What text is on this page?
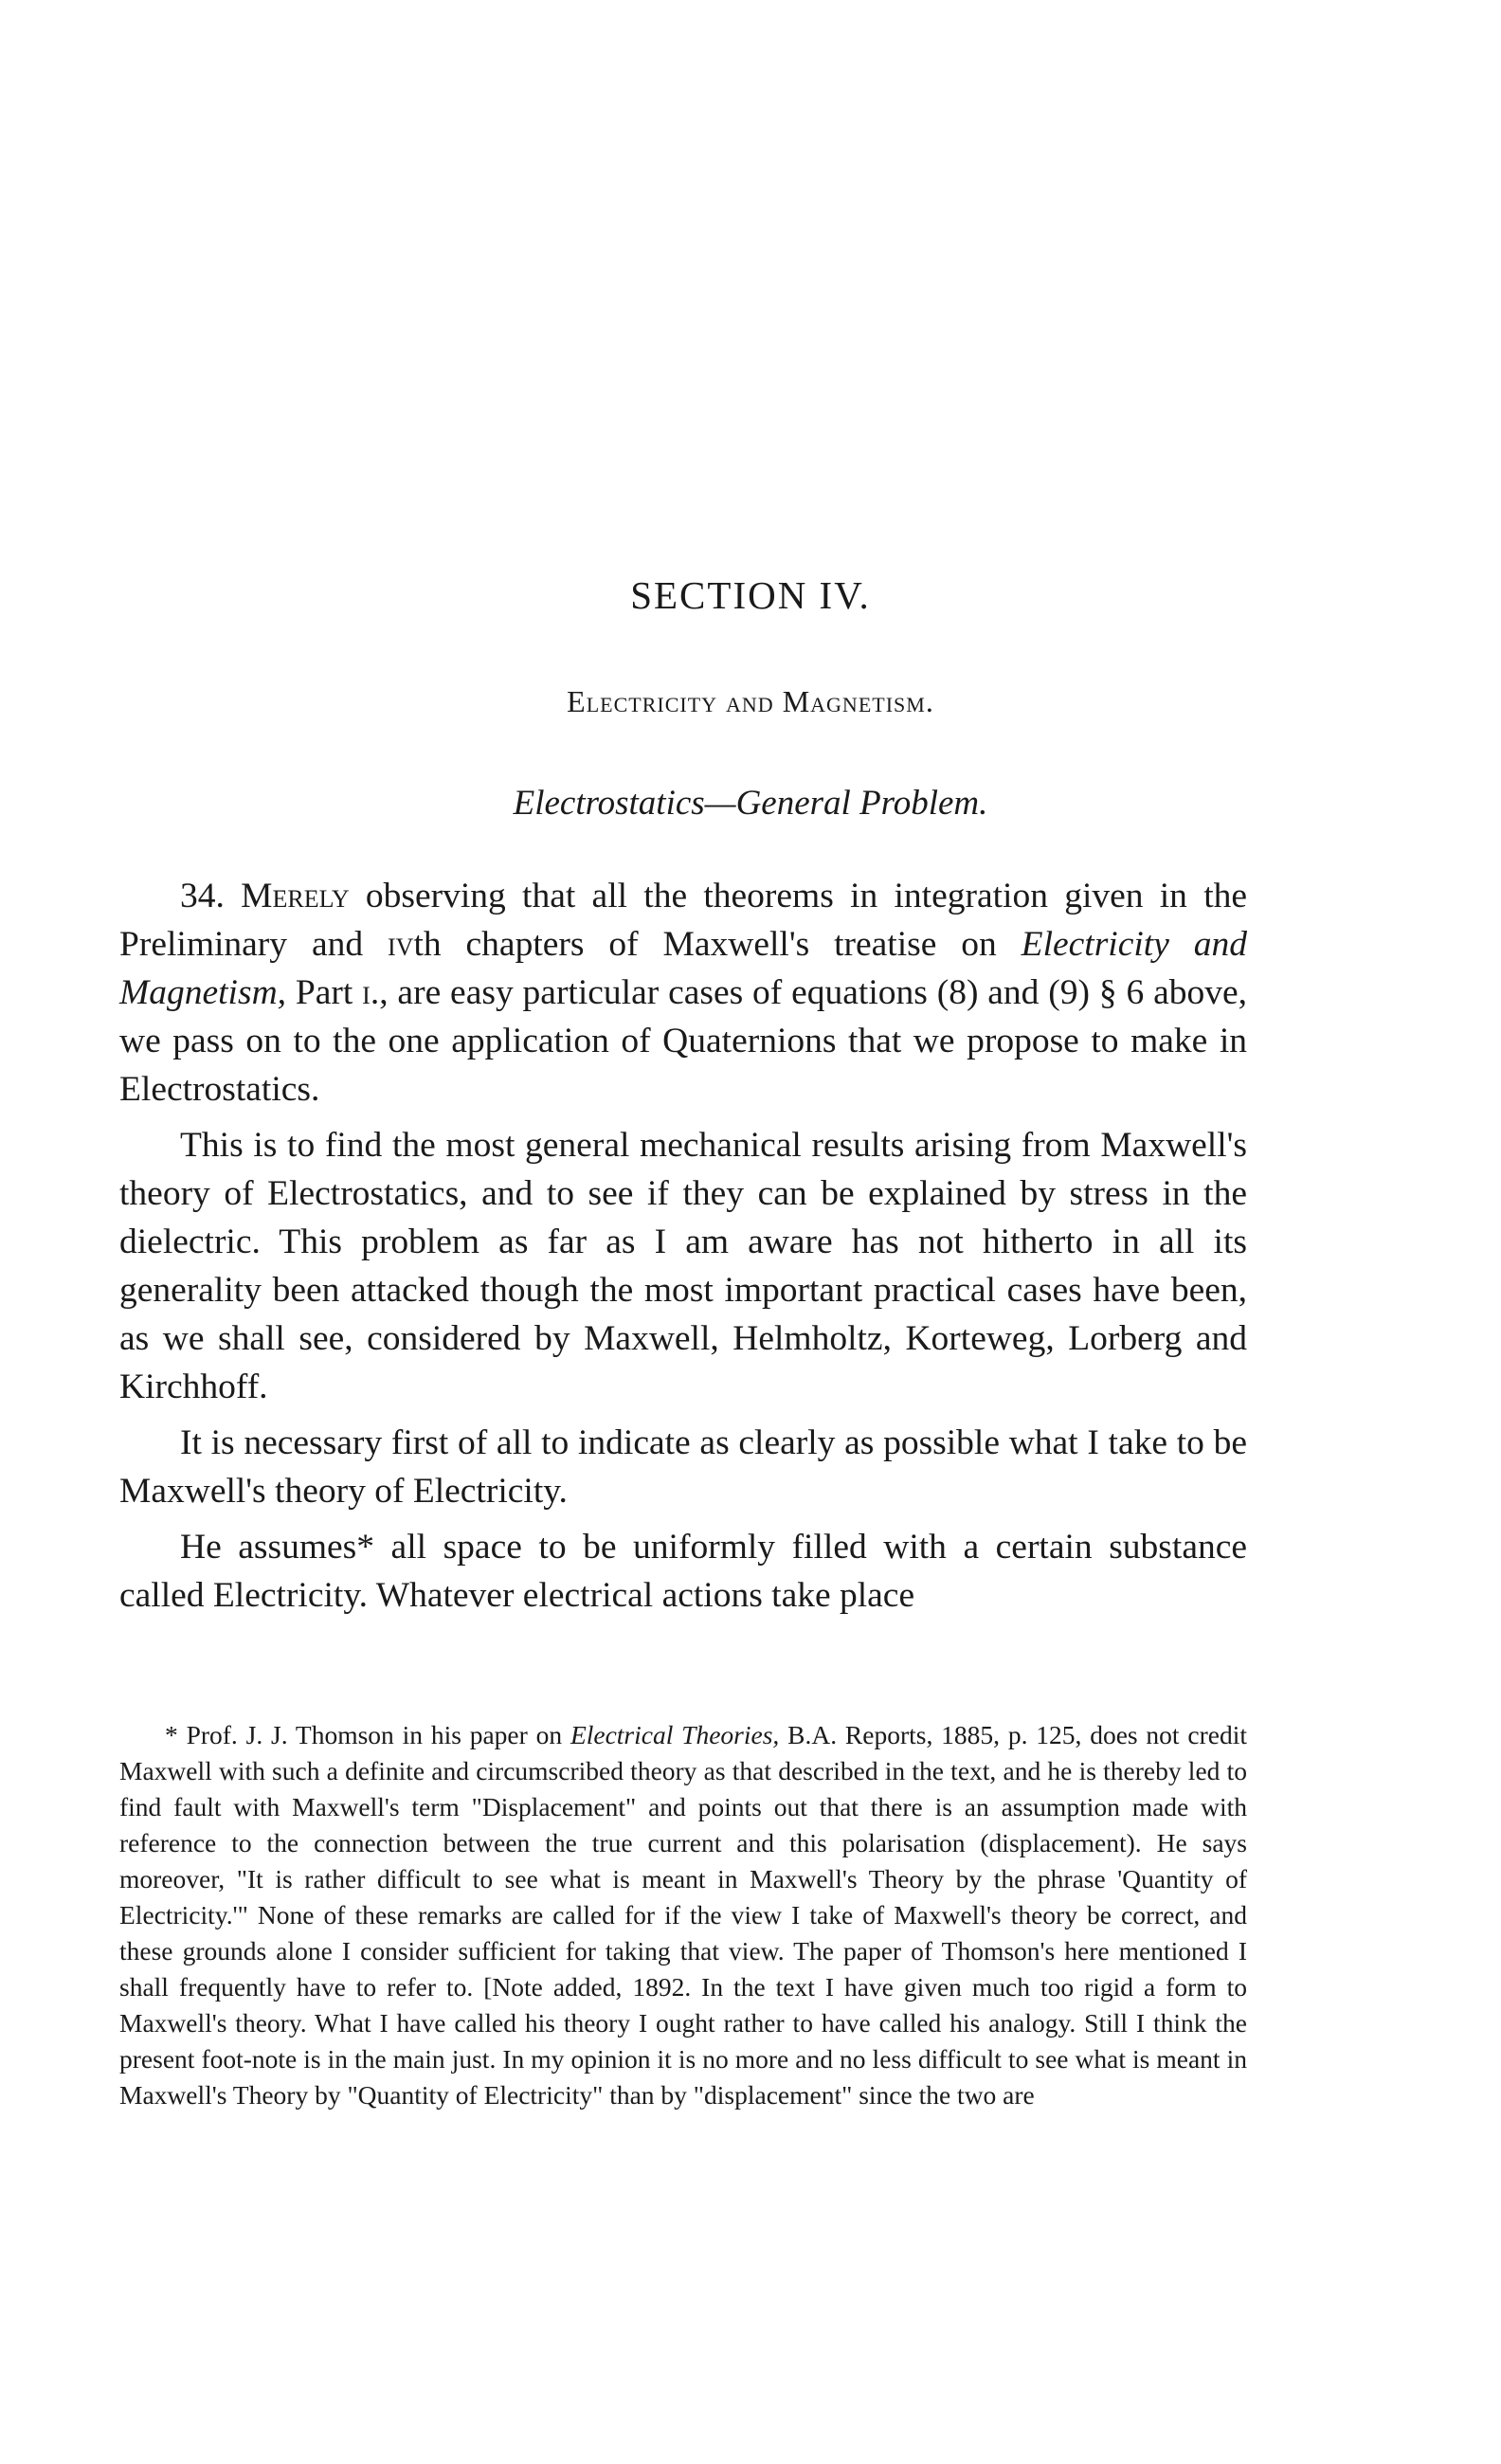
SECTION IV.
Electricity and Magnetism.
Electrostatics—General Problem.

34. Merely observing that all the theorems in integration given in the Preliminary and ivth chapters of Maxwell's treatise on Electricity and Magnetism, Part i., are easy particular cases of equations (8) and (9) § 6 above, we pass on to the one application of Quaternions that we propose to make in Electrostatics.

This is to find the most general mechanical results arising from Maxwell's theory of Electrostatics, and to see if they can be explained by stress in the dielectric. This problem as far as I am aware has not hitherto in all its generality been attacked though the most important practical cases have been, as we shall see, considered by Maxwell, Helmholtz, Korteweg, Lorberg and Kirchhoff.

It is necessary first of all to indicate as clearly as possible what I take to be Maxwell's theory of Electricity.

He assumes* all space to be uniformly filled with a certain substance called Electricity. Whatever electrical actions take place

* Prof. J. J. Thomson in his paper on Electrical Theories, B.A. Reports, 1885, p. 125, does not credit Maxwell with such a definite and circumscribed theory as that described in the text, and he is thereby led to find fault with Maxwell's term "Displacement" and points out that there is an assumption made with reference to the connection between the true current and this polarisation (displacement). He says moreover, "It is rather difficult to see what is meant in Maxwell's Theory by the phrase 'Quantity of Electricity.'" None of these remarks are called for if the view I take of Maxwell's theory be correct, and these grounds alone I consider sufficient for taking that view. The paper of Thomson's here mentioned I shall frequently have to refer to. [Note added, 1892. In the text I have given much too rigid a form to Maxwell's theory. What I have called his theory I ought rather to have called his analogy. Still I think the present foot-note is in the main just. In my opinion it is no more and no less difficult to see what is meant in Maxwell's Theory by "Quantity of Electricity" than by "displacement" since the two are
